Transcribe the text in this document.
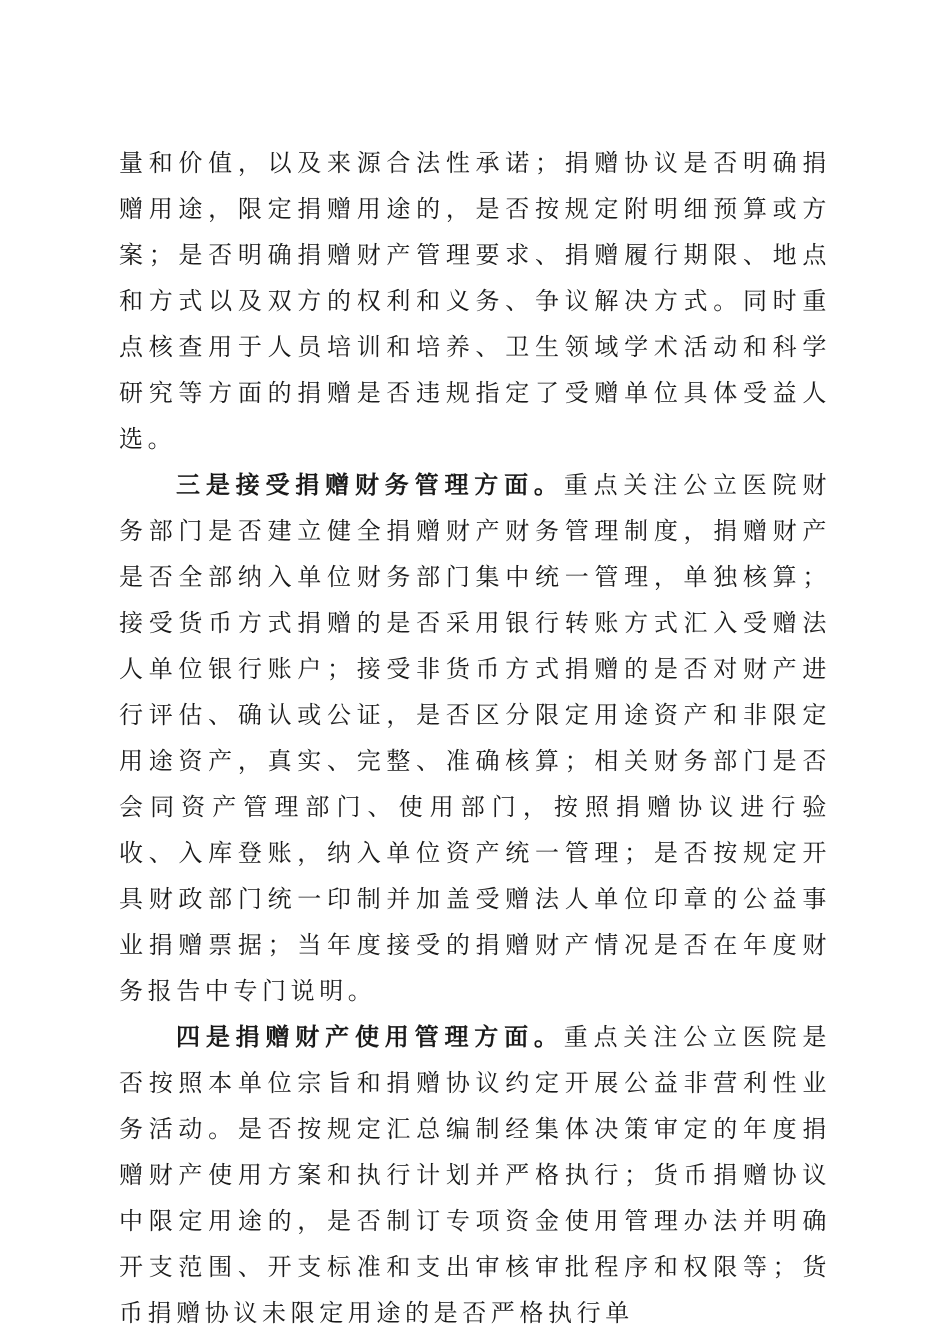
量和价值，以及来源合法性承诺；捐赠协议是否明确捐赠用途，限定捐赠用途的，是否按规定附明细预算或方案；是否明确捐赠财产管理要求、捐赠履行期限、地点和方式以及双方的权利和义务、争议解决方式。同时重点核查用于人员培训和培养、卫生领域学术活动和科学研究等方面的捐赠是否违规指定了受赠单位具体受益人选。

三是接受捐赠财务管理方面。重点关注公立医院财务部门是否建立健全捐赠财产财务管理制度，捐赠财产是否全部纳入单位财务部门集中统一管理，单独核算；接受货币方式捐赠的是否采用银行转账方式汇入受赠法人单位银行账户；接受非货币方式捐赠的是否对财产进行评估、确认或公证，是否区分限定用途资产和非限定用途资产，真实、完整、准确核算；相关财务部门是否会同资产管理部门、使用部门，按照捐赠协议进行验收、入库登账，纳入单位资产统一管理；是否按规定开具财政部门统一印制并加盖受赠法人单位印章的公益事业捐赠票据；当年度接受的捐赠财产情况是否在年度财务报告中专门说明。

四是捐赠财产使用管理方面。重点关注公立医院是否按照本单位宗旨和捐赠协议约定开展公益非营利性业务活动。是否按规定汇总编制经集体决策审定的年度捐赠财产使用方案和执行计划并严格执行；货币捐赠协议中限定用途的，是否制订专项资金使用管理办法并明确开支范围、开支标准和支出审核审批程序和权限等；货币捐赠协议未限定用途的是否严格执行单
